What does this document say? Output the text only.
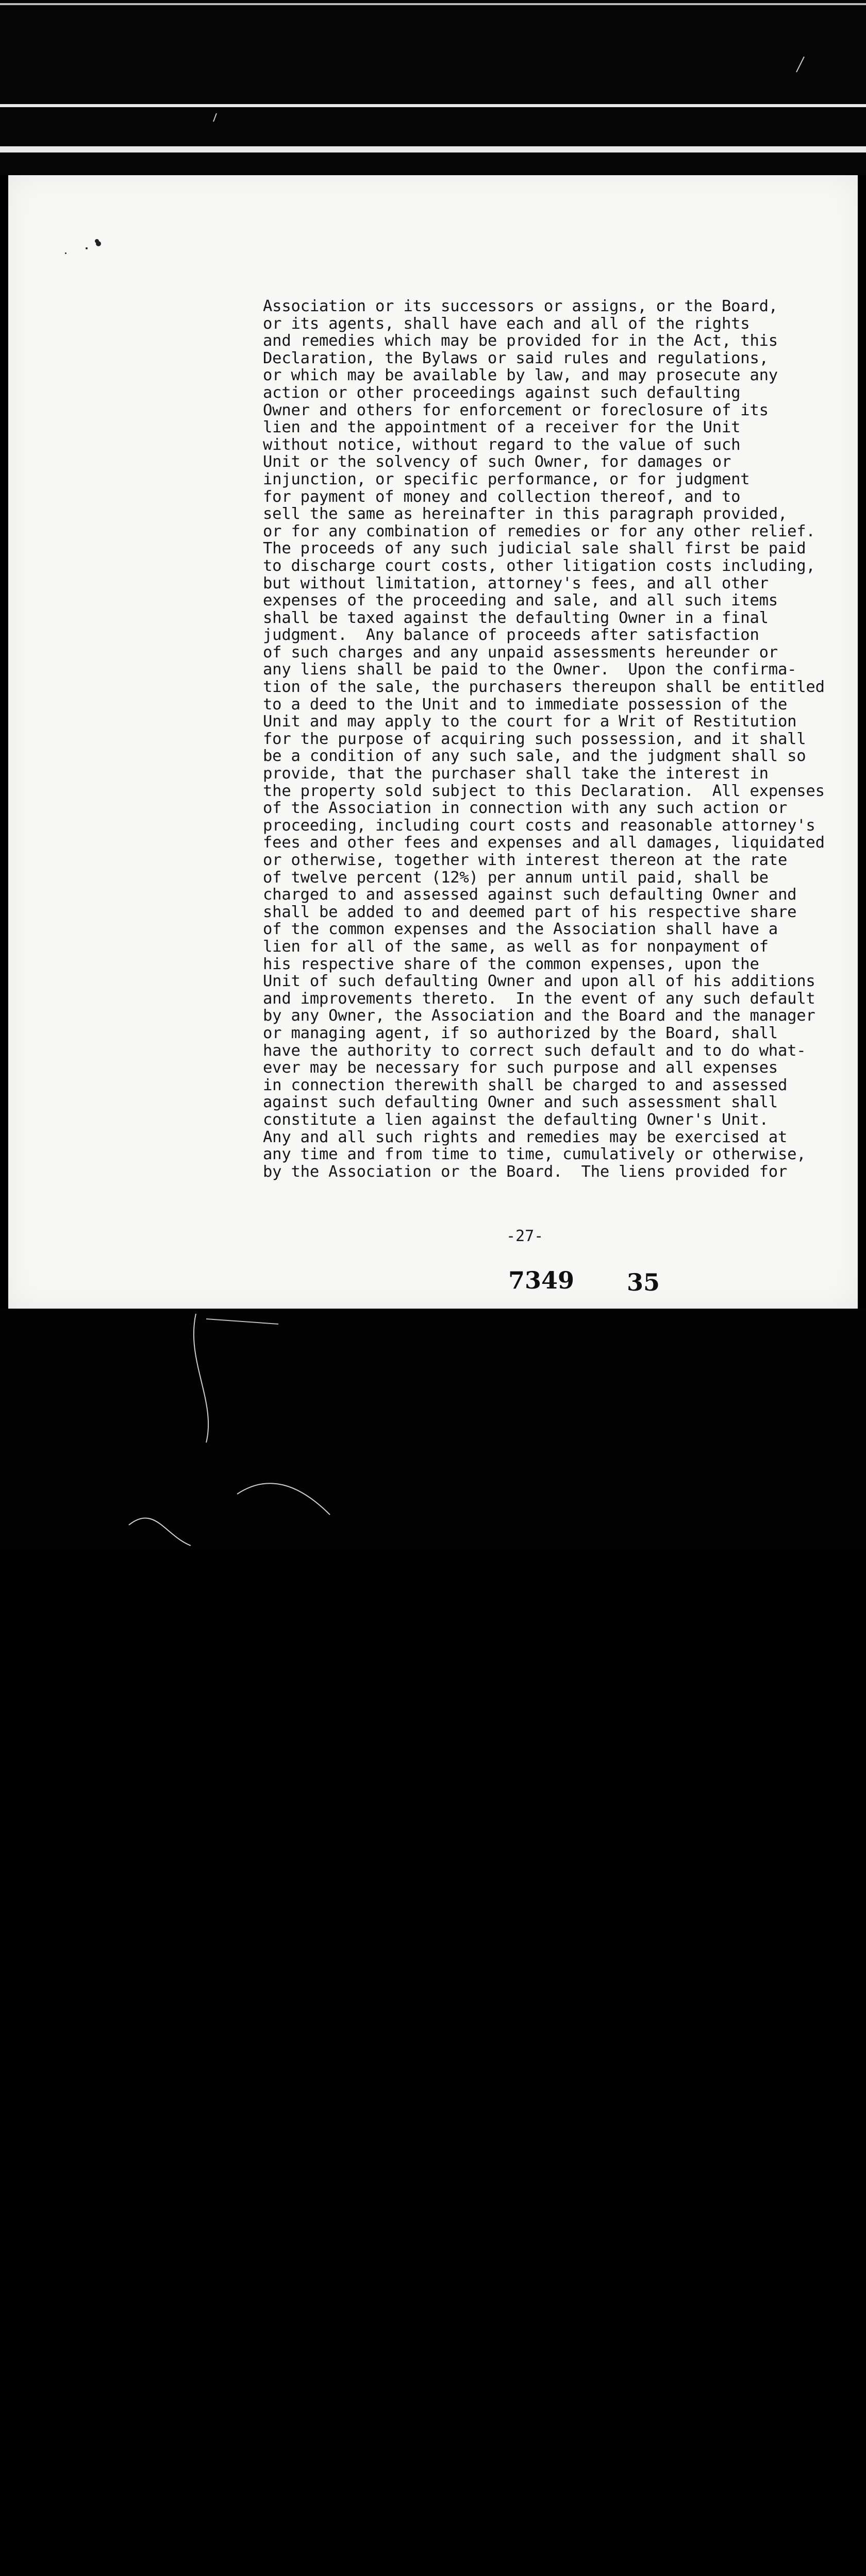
Association or its successors or assigns, or the Board,
or its agents, shall have each and all of the rights
and remedies which may be provided for in the Act, this
Declaration, the Bylaws or said rules and regulations,
or which may be available by law, and may prosecute any
action or other proceedings against such defaulting
Owner and others for enforcement or foreclosure of its
lien and the appointment of a receiver for the Unit
without notice, without regard to the value of such
Unit or the solvency of such Owner, for damages or
injunction, or specific performance, or for judgment
for payment of money and collection thereof, and to
sell the same as hereinafter in this paragraph provided,
or for any combination of remedies or for any other relief.
The proceeds of any such judicial sale shall first be paid
to discharge court costs, other litigation costs including,
but without limitation, attorney's fees, and all other
expenses of the proceeding and sale, and all such items
shall be taxed against the defaulting Owner in a final
judgment.  Any balance of proceeds after satisfaction
of such charges and any unpaid assessments hereunder or
any liens shall be paid to the Owner.  Upon the confirma-
tion of the sale, the purchasers thereupon shall be entitled
to a deed to the Unit and to immediate possession of the
Unit and may apply to the court for a Writ of Restitution
for the purpose of acquiring such possession, and it shall
be a condition of any such sale, and the judgment shall so
provide, that the purchaser shall take the interest in
the property sold subject to this Declaration.  All expenses
of the Association in connection with any such action or
proceeding, including court costs and reasonable attorney's
fees and other fees and expenses and all damages, liquidated
or otherwise, together with interest thereon at the rate
of twelve percent (12%) per annum until paid, shall be
charged to and assessed against such defaulting Owner and
shall be added to and deemed part of his respective share
of the common expenses and the Association shall have a
lien for all of the same, as well as for nonpayment of
his respective share of the common expenses, upon the
Unit of such defaulting Owner and upon all of his additions
and improvements thereto.  In the event of any such default
by any Owner, the Association and the Board and the manager
or managing agent, if so authorized by the Board, shall
have the authority to correct such default and to do what-
ever may be necessary for such purpose and all expenses
in connection therewith shall be charged to and assessed
against such defaulting Owner and such assessment shall
constitute a lien against the defaulting Owner's Unit.
Any and all such rights and remedies may be exercised at
any time and from time to time, cumulatively or otherwise,
by the Association or the Board.  The liens provided for
-27-
7349 35
